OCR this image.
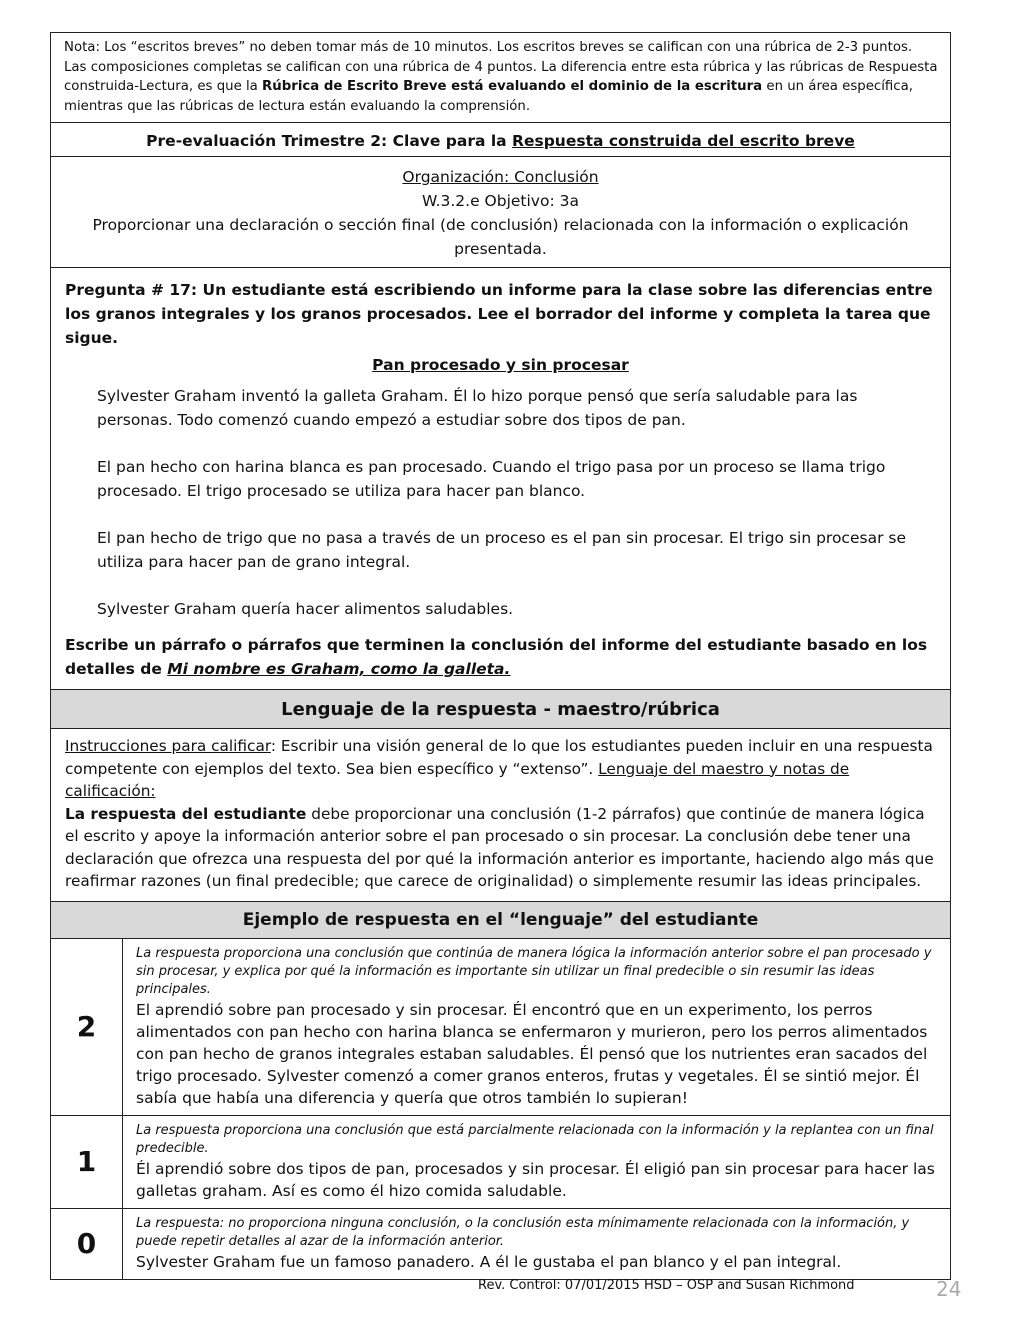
Nota: Los “escritos breves” no deben tomar más de 10 minutos. Los escritos breves se califican con una rúbrica de 2-3 puntos. Las composiciones completas se califican con una rúbrica de 4 puntos. La diferencia entre esta rúbrica y las rúbricas de Respuesta construida-Lectura, es que la Rúbrica de Escrito Breve está evaluando el dominio de la escritura en un área específica, mientras que las rúbricas de lectura están evaluando la comprensión.
Pre-evaluación Trimestre 2: Clave para la Respuesta construida del escrito breve
Organización: Conclusión
W.3.2.e Objetivo: 3a
Proporcionar una declaración o sección final (de conclusión) relacionada con la información o explicación presentada.
Pregunta # 17: Un estudiante está escribiendo un informe para la clase sobre las diferencias entre los granos integrales y los granos procesados. Lee el borrador del informe y completa la tarea que sigue.
Pan procesado y sin procesar
Sylvester Graham inventó la galleta Graham. Él lo hizo porque pensó que sería saludable para las personas. Todo comenzó cuando empezó a estudiar sobre dos tipos de pan.
El pan hecho con harina blanca es pan procesado. Cuando el trigo pasa por un proceso se llama trigo procesado. El trigo procesado se utiliza para hacer pan blanco.
El pan hecho de trigo que no pasa a través de un proceso es el pan sin procesar. El trigo sin procesar se utiliza para hacer pan de grano integral.
Sylvester Graham quería hacer alimentos saludables.
Escribe un párrafo o párrafos que terminen la conclusión del informe del estudiante basado en los detalles de Mi nombre es Graham, como la galleta.
Lenguaje de la respuesta - maestro/rúbrica
Instrucciones para calificar: Escribir una visión general de lo que los estudiantes pueden incluir en una respuesta competente con ejemplos del texto. Sea bien específico y “extenso”. Lenguaje del maestro y notas de calificación:
La respuesta del estudiante debe proporcionar una conclusión (1-2 párrafos) que continúe de manera lógica el escrito y apoye la información anterior sobre el pan procesado o sin procesar. La conclusión debe tener una declaración que ofrezca una respuesta del por qué la información anterior es importante, haciendo algo más que reafirmar razones (un final predecible; que carece de originalidad) o simplemente resumir las ideas principales.
Ejemplo de respuesta en el “lenguaje” del estudiante
2
La respuesta proporciona una conclusión que continúa de manera lógica la información anterior sobre el pan procesado y sin procesar, y explica por qué la información es importante sin utilizar un final predecible o sin resumir las ideas principales.
El aprendió sobre pan procesado y sin procesar. Él encontró que en un experimento, los perros alimentados con pan hecho con harina blanca se enfermaron y murieron, pero los perros alimentados con pan hecho de granos integrales estaban saludables. Él pensó que los nutrientes eran sacados del trigo procesado. Sylvester comenzó a comer granos enteros, frutas y vegetales. Él se sintió mejor. Él sabía que había una diferencia y quería que otros también lo supieran!
1
La respuesta proporciona una conclusión que está parcialmente relacionada con la información y la replantea con un final predecible.
Él aprendió sobre dos tipos de pan, procesados y sin procesar. Él eligió pan sin procesar para hacer las galletas graham. Así es como él hizo comida saludable.
0
La respuesta: no proporciona ninguna conclusión, o la conclusión esta mínimamente relacionada con la información, y puede repetir detalles al azar de la información anterior.
Sylvester Graham fue un famoso panadero. A él le gustaba el pan blanco y el pan integral.
Rev. Control: 07/01/2015 HSD – OSP and Susan Richmond	24
